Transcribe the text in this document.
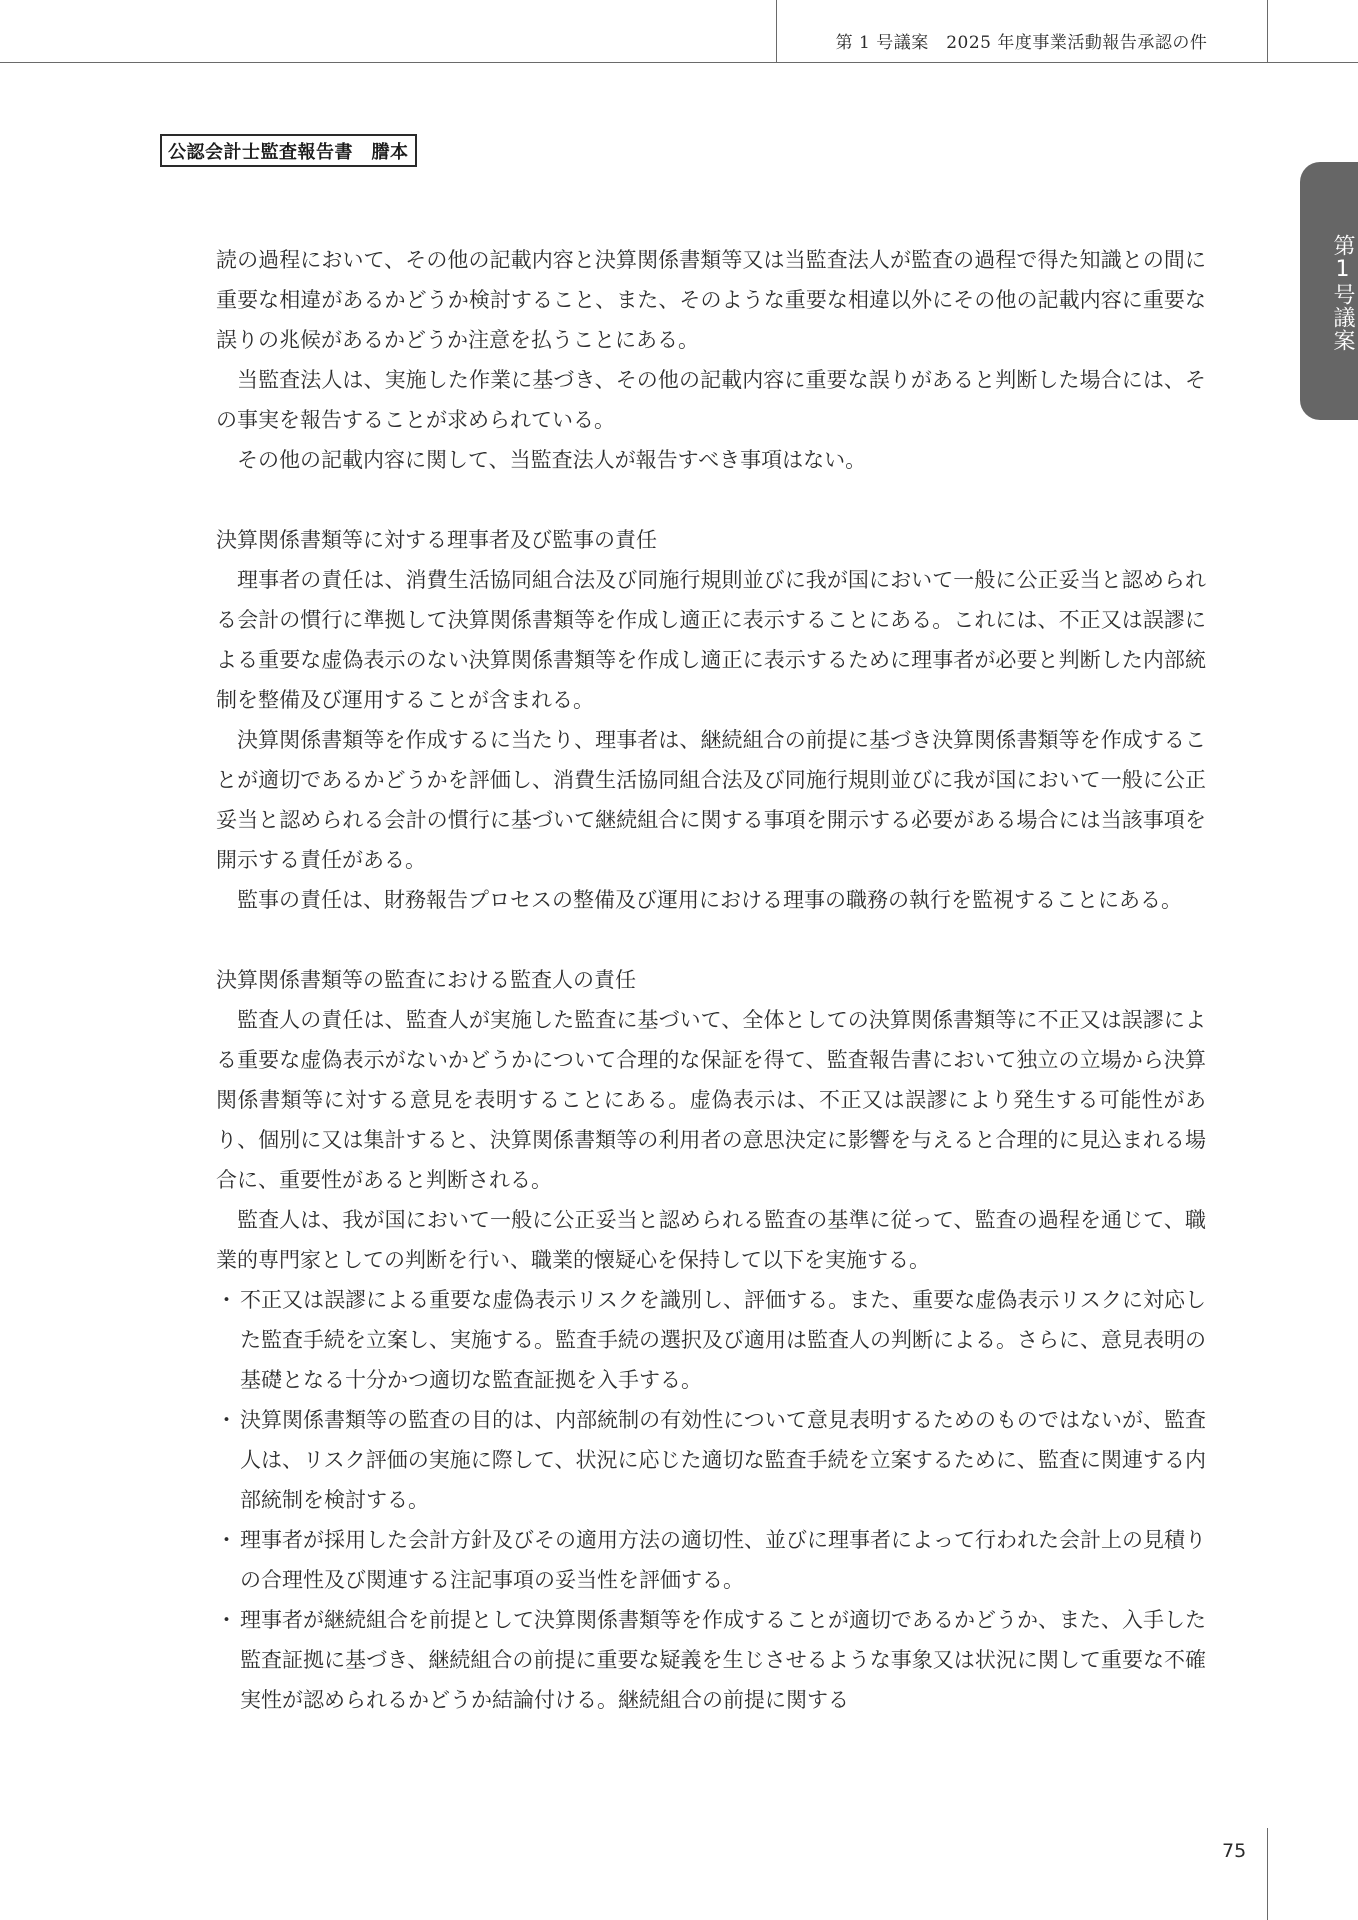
第 1 号議案　2025 年度事業活動報告承認の件
第1号議案
公認会計士監査報告書　謄本

読の過程において、その他の記載内容と決算関係書類等又は当監査法人が監査の過程で得た知識との間に重要な相違があるかどうか検討すること、また、そのような重要な相違以外にその他の記載内容に重要な誤りの兆候があるかどうか注意を払うことにある。

当監査法人は、実施した作業に基づき、その他の記載内容に重要な誤りがあると判断した場合には、その事実を報告することが求められている。

その他の記載内容に関して、当監査法人が報告すべき事項はない。

決算関係書類等に対する理事者及び監事の責任

理事者の責任は、消費生活協同組合法及び同施行規則並びに我が国において一般に公正妥当と認められる会計の慣行に準拠して決算関係書類等を作成し適正に表示することにある。これには、不正又は誤謬による重要な虚偽表示のない決算関係書類等を作成し適正に表示するために理事者が必要と判断した内部統制を整備及び運用することが含まれる。

決算関係書類等を作成するに当たり、理事者は、継続組合の前提に基づき決算関係書類等を作成することが適切であるかどうかを評価し、消費生活協同組合法及び同施行規則並びに我が国において一般に公正妥当と認められる会計の慣行に基づいて継続組合に関する事項を開示する必要がある場合には当該事項を開示する責任がある。

監事の責任は、財務報告プロセスの整備及び運用における理事の職務の執行を監視することにある。

決算関係書類等の監査における監査人の責任

監査人の責任は、監査人が実施した監査に基づいて、全体としての決算関係書類等に不正又は誤謬による重要な虚偽表示がないかどうかについて合理的な保証を得て、監査報告書において独立の立場から決算関係書類等に対する意見を表明することにある。虚偽表示は、不正又は誤謬により発生する可能性があり、個別に又は集計すると、決算関係書類等の利用者の意思決定に影響を与えると合理的に見込まれる場合に、重要性があると判断される。

監査人は、我が国において一般に公正妥当と認められる監査の基準に従って、監査の過程を通じて、職業的専門家としての判断を行い、職業的懐疑心を保持して以下を実施する。

・ 不正又は誤謬による重要な虚偽表示リスクを識別し、評価する。また、重要な虚偽表示リスクに対応した監査手続を立案し、実施する。監査手続の選択及び適用は監査人の判断による。さらに、意見表明の基礎となる十分かつ適切な監査証拠を入手する。

・ 決算関係書類等の監査の目的は、内部統制の有効性について意見表明するためのものではないが、監査人は、リスク評価の実施に際して、状況に応じた適切な監査手続を立案するために、監査に関連する内部統制を検討する。

・ 理事者が採用した会計方針及びその適用方法の適切性、並びに理事者によって行われた会計上の見積りの合理性及び関連する注記事項の妥当性を評価する。

・ 理事者が継続組合を前提として決算関係書類等を作成することが適切であるかどうか、また、入手した監査証拠に基づき、継続組合の前提に重要な疑義を生じさせるような事象又は状況に関して重要な不確実性が認められるかどうか結論付ける。継続組合の前提に関する

75
